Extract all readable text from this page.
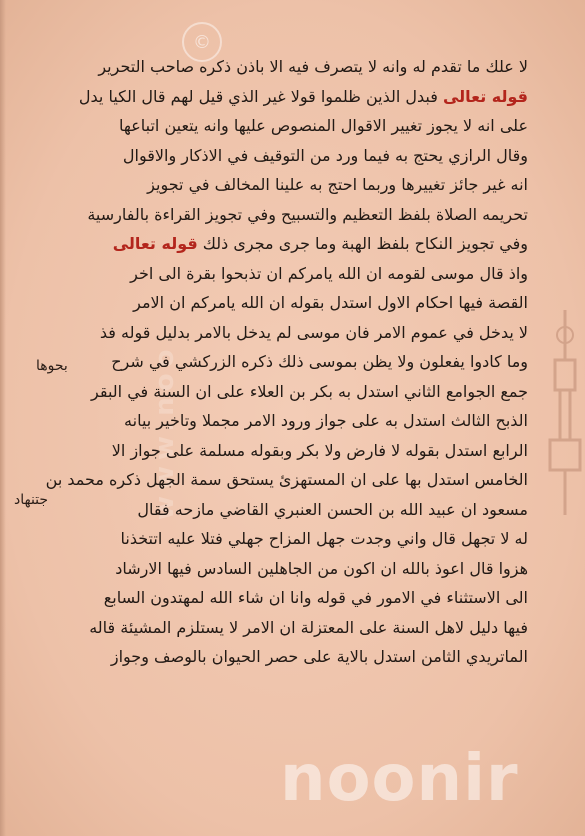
©
www.noo
لا علك ما تقدم له وانه لا يتصرف فيه الا باذن ذكره صاحب التحرير
قوله تعالى فبدل الذين ظلموا قولا غير الذي قيل لهم قال الكيا يدل
على انه لا يجوز تغيير الاقوال المنصوص عليها وانه يتعين اتباعها
وقال الرازي يحتج به فيما ورد من التوقيف في الاذكار والاقوال
انه غير جائز تغييرها وربما احتج به علينا المخالف في تجويز
تحريمه الصلاة بلفظ التعظيم والتسبيح وفي تجويز القراءة بالفارسية
وفي تجويز النكاح بلفظ الهبة وما جرى مجرى ذلك قوله تعالى
واذ قال موسى لقومه ان الله يامركم ان تذبحوا بقرة الى اخر
القصة فيها احكام الاول استدل بقوله ان الله يامركم ان الامر
لا يدخل في عموم الامر فان موسى لم يدخل بالامر بدليل قوله فذ
وما كادوا يفعلون ولا يظن بموسى ذلك ذكره الزركشي في شرح
جمع الجوامع الثاني استدل به بكر بن العلاء على ان السنة في البقر
الذبح الثالث استدل به على جواز ورود الامر مجملا وتاخير بيانه
الرابع استدل بقوله لا فارض ولا بكر وبقوله مسلمة على جواز الا
الخامس استدل بها على ان المستهزئ يستحق سمة الجهل ذكره محمد بن
مسعود ان عبيد الله بن الحسن العنبري القاضي مازحه فقال
له لا تجهل قال واني وجدت جهل المزاح جهلي فتلا عليه اتتخذنا
هزوا قال اعوذ بالله ان اكون من الجاهلين السادس فيها الارشاد
الى الاستثناء في الامور في قوله وانا ان شاء الله لمهتدون السابع
فيها دليل لاهل السنة على المعتزلة ان الامر لا يستلزم المشيئة قاله
الماتريدي الثامن استدل بالاية على حصر الحيوان بالوصف وجواز
بحوها
جتنهاد
noonir
